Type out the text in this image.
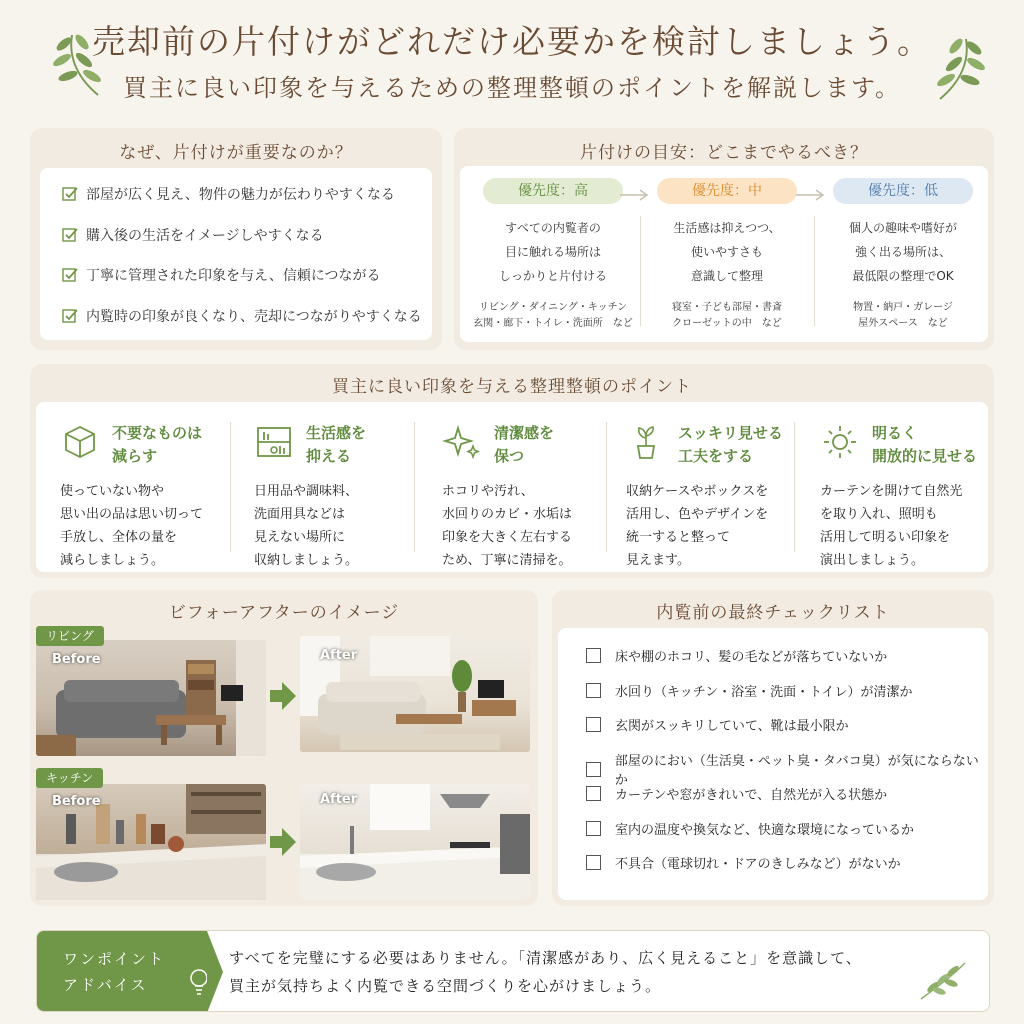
売却前の片付けがどれだけ必要かを検討しましょう。
買主に良い印象を与えるための整理整頓のポイントを解説します。
なぜ、片付けが重要なのか？
部屋が広く見え、物件の魅力が伝わりやすくなる
購入後の生活をイメージしやすくなる
丁寧に管理された印象を与え、信頼につながる
内覧時の印象が良くなり、売却につながりやすくなる
片付けの目安：どこまでやるべき？
優先度：高
すべての内覧者の
目に触れる場所は
しっかりと片付ける
リビング・ダイニング・キッチン
玄関・廊下・トイレ・洗面所　など
優先度：中
生活感は抑えつつ、
使いやすさも
意識して整理
寝室・子ども部屋・書斎
クローゼットの中　など
優先度：低
個人の趣味や嗜好が
強く出る場所は、
最低限の整理でOK
物置・納戸・ガレージ
屋外スペース　など
買主に良い印象を与える整理整頓のポイント
不要なものは
減らす
使っていない物や
思い出の品は思い切って
手放し、全体の量を
減らしましょう。
生活感を
抑える
日用品や調味料、
洗面用具などは
見えない場所に
収納しましょう。
清潔感を
保つ
ホコリや汚れ、
水回りのカビ・水垢は
印象を大きく左右する
ため、丁寧に清掃を。
スッキリ見せる
工夫をする
収納ケースやボックスを
活用し、色やデザインを
統一すると整って
見えます。
明るく
開放的に見せる
カーテンを開けて自然光
を取り入れ、照明も
活用して明るい印象を
演出しましょう。
ビフォーアフターのイメージ
リビング
Before	After
キッチン
Before	After
内覧前の最終チェックリスト
床や棚のホコリ、髪の毛などが落ちていないか
水回り（キッチン・浴室・洗面・トイレ）が清潔か
玄関がスッキリしていて、靴は最小限か
部屋のにおい（生活臭・ペット臭・タバコ臭）が気にならないか
カーテンや窓がきれいで、自然光が入る状態か
室内の温度や換気など、快適な環境になっているか
不具合（電球切れ・ドアのきしみなど）がないか
ワンポイント
アドバイス
すべてを完璧にする必要はありません。「清潔感があり、広く見えること」を意識して、
買主が気持ちよく内覧できる空間づくりを心がけましょう。
